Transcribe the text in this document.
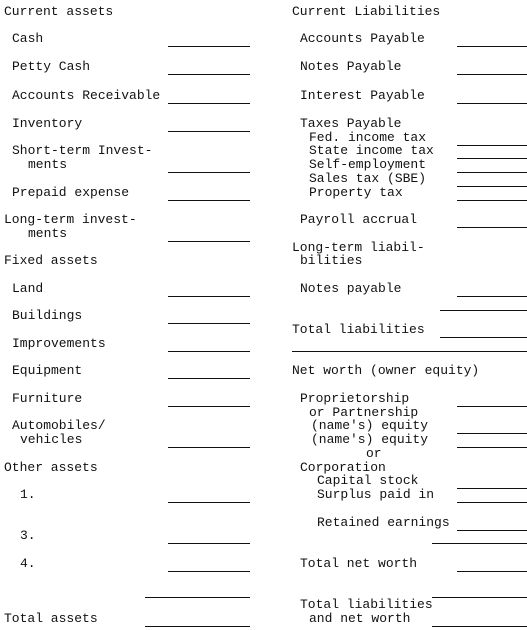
Current assets
Cash
Petty Cash
Accounts Receivable
Inventory
Short-term Invest-
ments
Prepaid expense
Long-term invest-
ments
Fixed assets
Land
Buildings
Improvements
Equipment
Furniture
Automobiles/
vehicles
Other assets
1.
3.
4.
Total assets
Current Liabilities
Accounts Payable
Notes Payable
Interest Payable
Taxes Payable
Fed. income tax
State income tax
Self-employment
Sales tax (SBE)
Property tax
Payroll accrual
Long-term liabil-
bilities
Notes payable
Total liabilities
Net worth (owner equity)
Proprietorship
or Partnership
(name's) equity
(name's) equity
or
Corporation
Capital stock
Surplus paid in
Retained earnings
Total net worth
Total liabilities
and net worth
